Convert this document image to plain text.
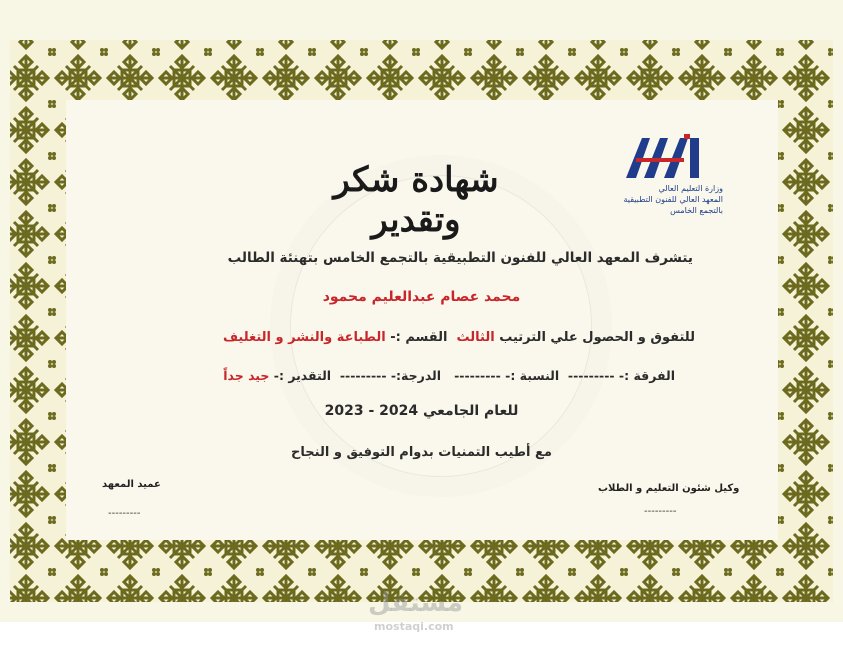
وزارة التعليم العالي
المعهد العالي للفنون التطبيقية
بالتجمع الخامس
شهادة شكر وتقدير
يتشرف المعهد العالي للفنون التطبيقية بالتجمع الخامس بتهنئة الطالب
محمد عصام عبدالعليم محمود
للتفوق و الحصول علي الترتيب الثالث  القسم :- الطباعة والنشر و التغليف
الفرقة :- ---------  النسبة :- ---------   الدرجة:- ---------  التقدير :- جيد جداً
للعام الجامعي 2023 - 2024
مع أطيب التمنيات بدوام التوفيق و النجاح
عميد المعهد
---------
وكيل شئون التعليم و الطلاب
---------
مستقل
mostaqi.com
